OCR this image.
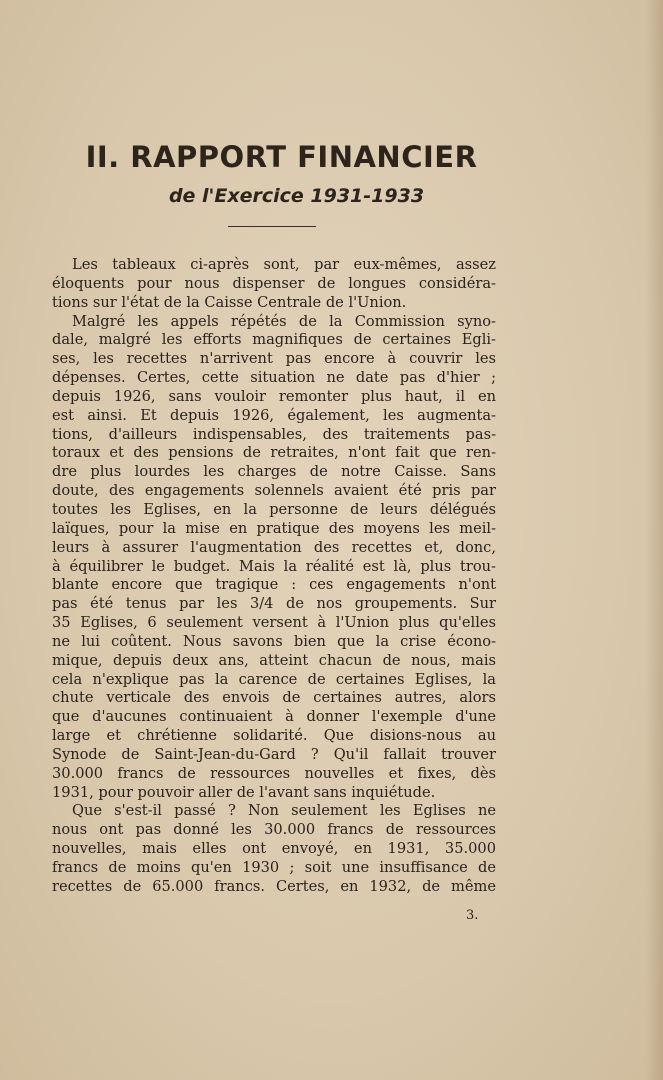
II. RAPPORT FINANCIER
de l'Exercice 1931-1933
Les tableaux ci-après sont, par eux-mêmes, assez
éloquents pour nous dispenser de longues considéra-
tions sur l'état de la Caisse Centrale de l'Union.
Malgré les appels répétés de la Commission syno-
dale, malgré les efforts magnifiques de certaines Egli-
ses, les recettes n'arrivent pas encore à couvrir les
dépenses. Certes, cette situation ne date pas d'hier ;
depuis 1926, sans vouloir remonter plus haut, il en
est ainsi. Et depuis 1926, également, les augmenta-
tions, d'ailleurs indispensables, des traitements pas-
toraux et des pensions de retraites, n'ont fait que ren-
dre plus lourdes les charges de notre Caisse. Sans
doute, des engagements solennels avaient été pris par
toutes les Eglises, en la personne de leurs délégués
laïques, pour la mise en pratique des moyens les meil-
leurs à assurer l'augmentation des recettes et, donc,
à équilibrer le budget. Mais la réalité est là, plus trou-
blante encore que tragique : ces engagements n'ont
pas été tenus par les 3/4 de nos groupements. Sur
35 Eglises, 6 seulement versent à l'Union plus qu'elles
ne lui coûtent. Nous savons bien que la crise écono-
mique, depuis deux ans, atteint chacun de nous, mais
cela n'explique pas la carence de certaines Eglises, la
chute verticale des envois de certaines autres, alors
que d'aucunes continuaient à donner l'exemple d'une
large et chrétienne solidarité. Que disions-nous au
Synode de Saint-Jean-du-Gard ? Qu'il fallait trouver
30.000 francs de ressources nouvelles et fixes, dès
1931, pour pouvoir aller de l'avant sans inquiétude.
Que s'est-il passé ? Non seulement les Eglises ne
nous ont pas donné les 30.000 francs de ressources
nouvelles, mais elles ont envoyé, en 1931, 35.000
francs de moins qu'en 1930 ; soit une insuffisance de
recettes de 65.000 francs. Certes, en 1932, de même

3.
